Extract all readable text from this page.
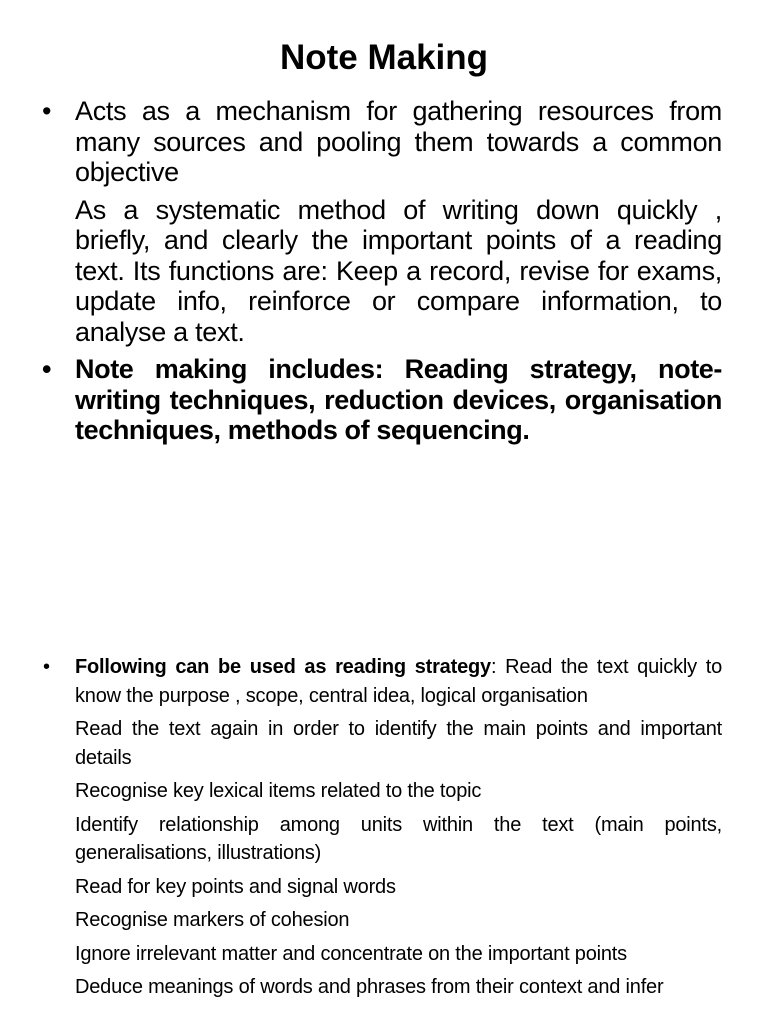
Note Making
• Acts as a mechanism for gathering resources from many sources and pooling them towards a common objective

As a systematic method of writing down quickly , briefly, and clearly the important points of a reading text. Its functions are: Keep a record, revise for exams, update info, reinforce or compare information, to analyse a text.

• Note making includes: Reading strategy, note-writing techniques, reduction devices, organisation techniques, methods of sequencing.

• Following can be used as reading strategy: Read the text quickly to know the purpose , scope, central idea, logical organisation

Read the text again in order to identify the main points and important details

Recognise key lexical items related to the topic

Identify relationship among units within the text (main points, generalisations, illustrations)

Read for key points and signal words

Recognise markers of cohesion

Ignore irrelevant matter and concentrate on the important points

Deduce meanings of words and phrases from their context and infer
